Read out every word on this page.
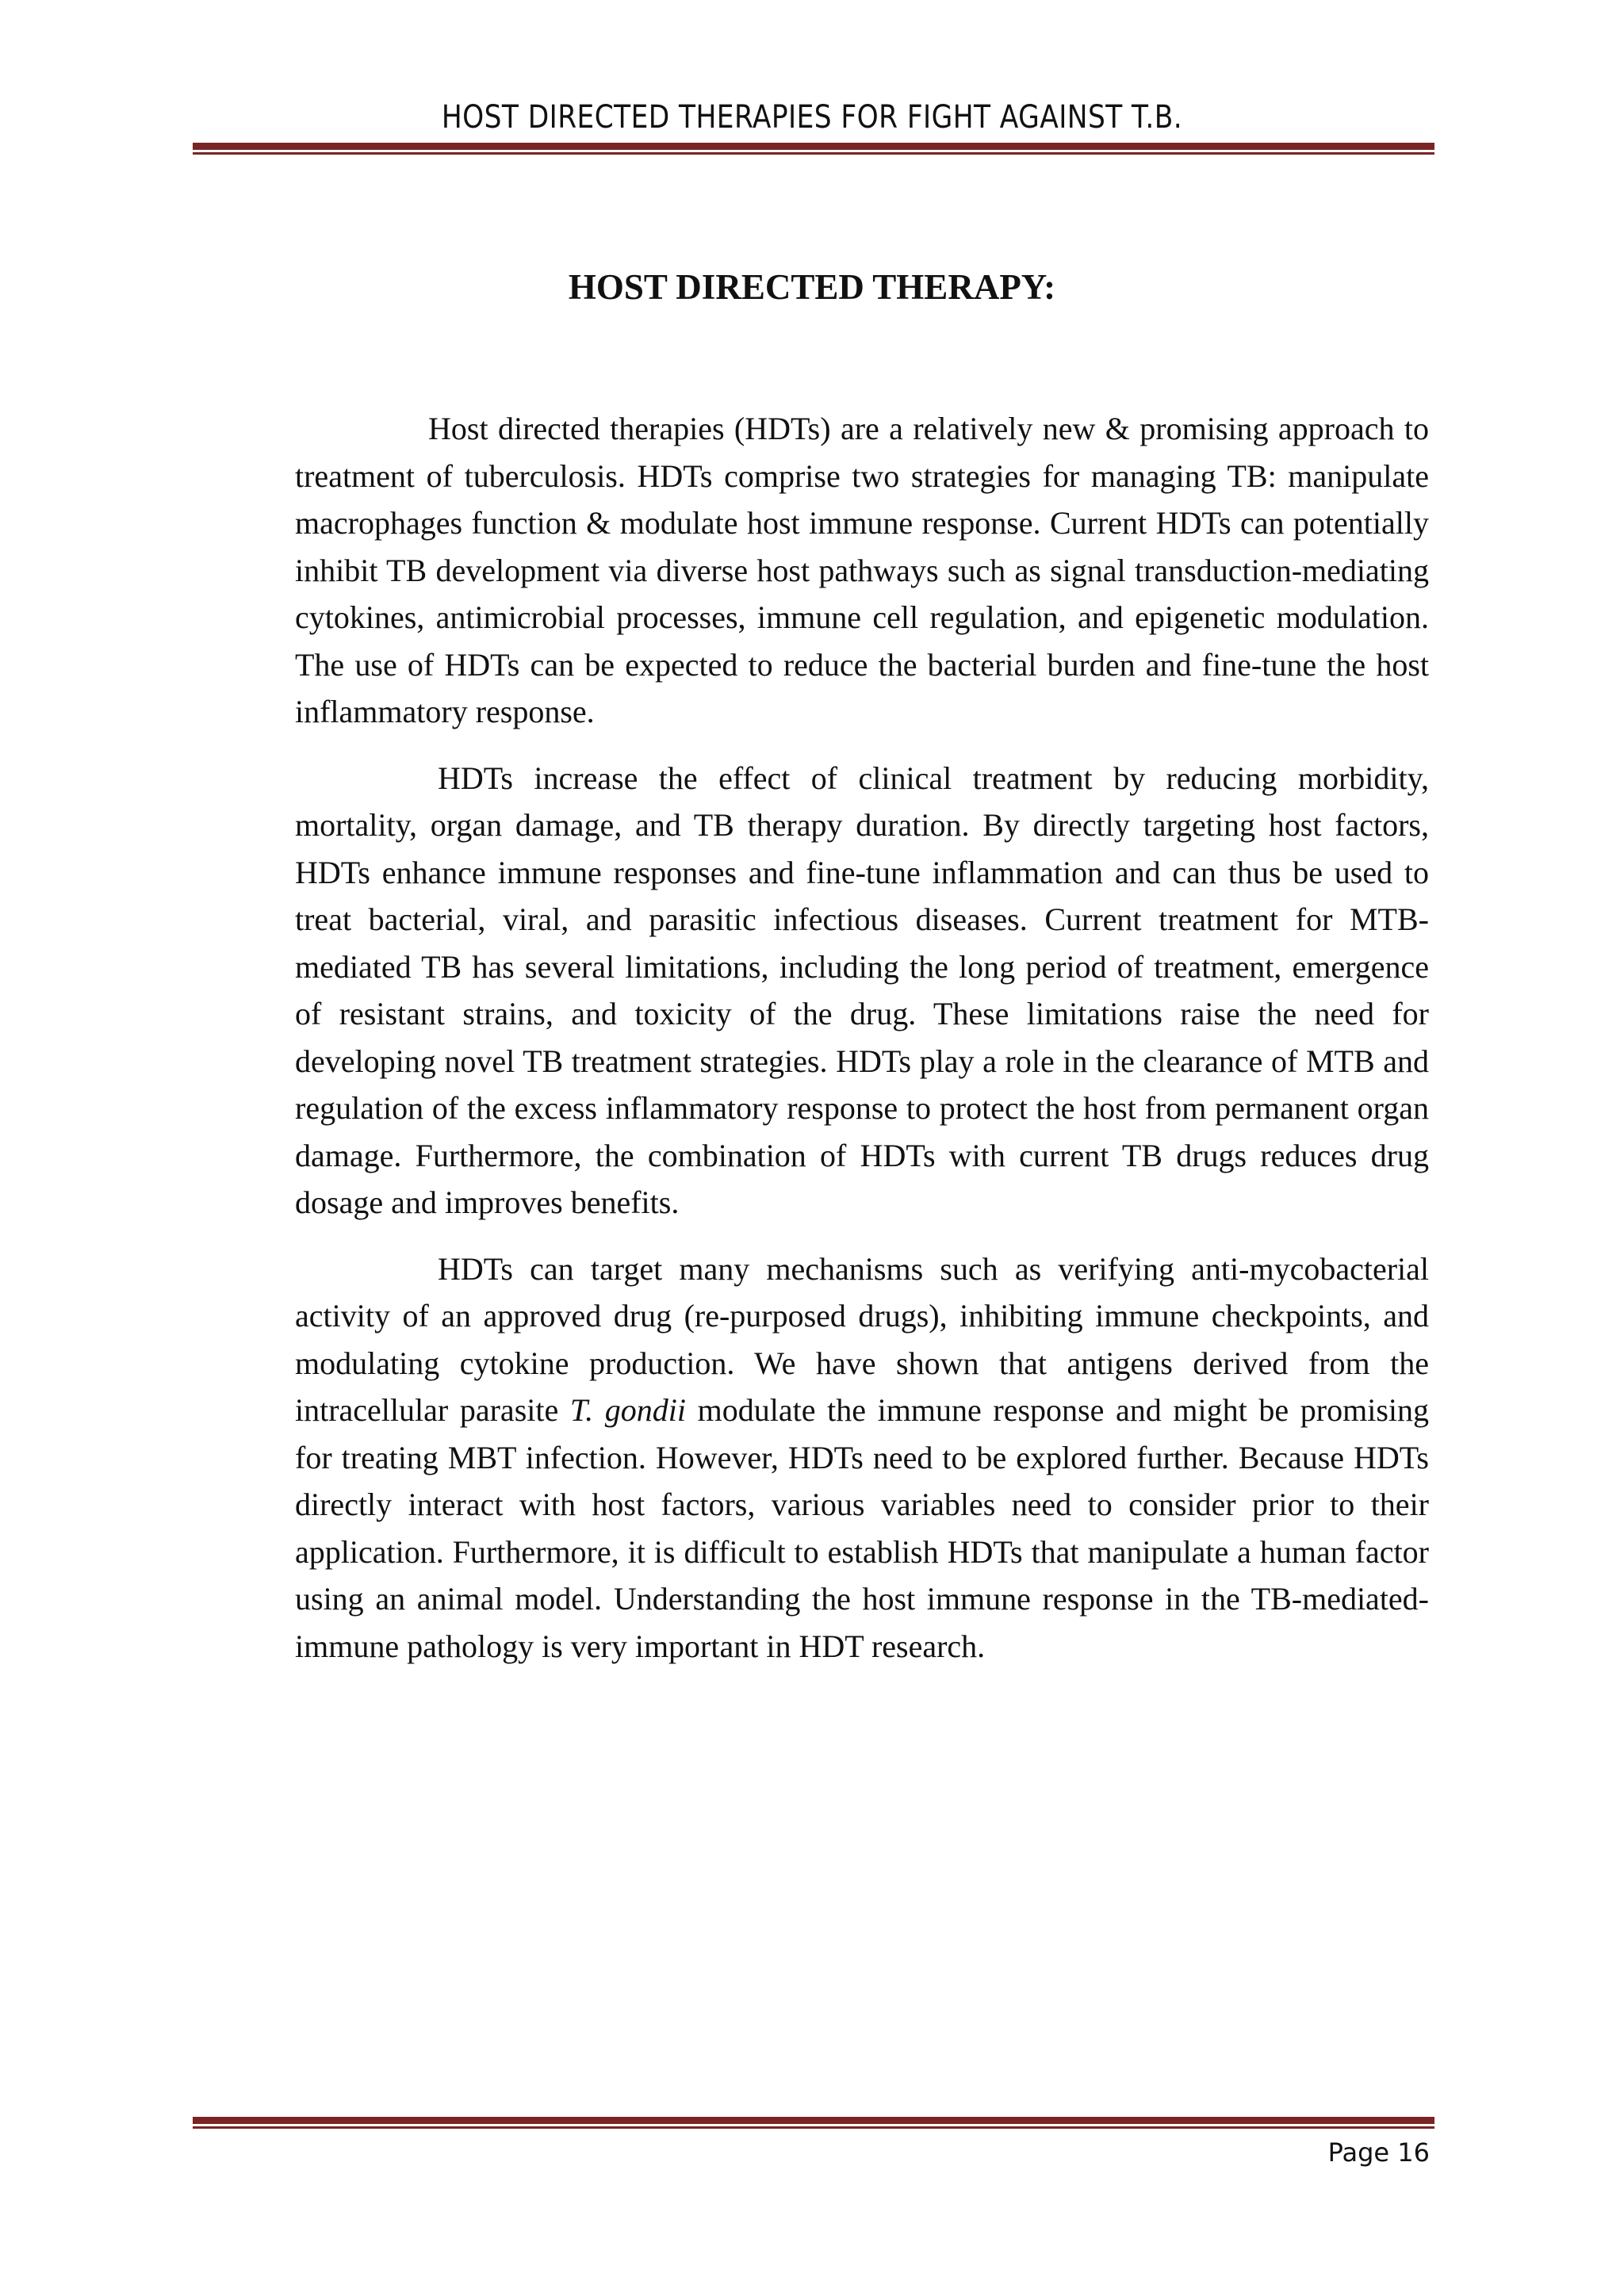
HOST DIRECTED THERAPIES FOR FIGHT AGAINST T.B.
HOST DIRECTED THERAPY:

Host directed therapies (HDTs) are a relatively new & promising approach to treatment of tuberculosis. HDTs comprise two strategies for managing TB: manipulate macrophages function & modulate host immune response. Current HDTs can potentially inhibit TB development via diverse host pathways such as signal transduction-mediating cytokines, antimicrobial processes, immune cell regulation, and epigenetic modulation. The use of HDTs can be expected to reduce the bacterial burden and fine-tune the host inflammatory response.

HDTs increase the effect of clinical treatment by reducing morbidity, mortality, organ damage, and TB therapy duration. By directly targeting host factors, HDTs enhance immune responses and fine-tune inflammation and can thus be used to treat bacterial, viral, and parasitic infectious diseases. Current treatment for MTB-mediated TB has several limitations, including the long period of treatment, emergence of resistant strains, and toxicity of the drug. These limitations raise the need for developing novel TB treatment strategies. HDTs play a role in the clearance of MTB and regulation of the excess inflammatory response to protect the host from permanent organ damage. Furthermore, the combination of HDTs with current TB drugs reduces drug dosage and improves benefits.

HDTs can target many mechanisms such as verifying anti-mycobacterial activity of an approved drug (re-purposed drugs), inhibiting immune checkpoints, and modulating cytokine production. We have shown that antigens derived from the intracellular parasite T. gondii modulate the immune response and might be promising for treating MBT infection. However, HDTs need to be explored further. Because HDTs directly interact with host factors, various variables need to consider prior to their application. Furthermore, it is difficult to establish HDTs that manipulate a human factor using an animal model. Understanding the host immune response in the TB-mediated-immune pathology is very important in HDT research.

Page 16
